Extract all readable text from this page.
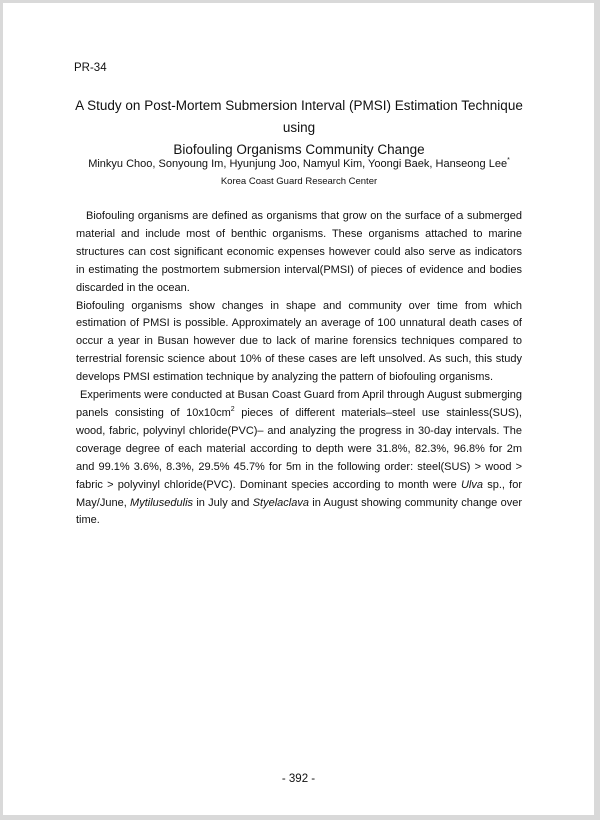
PR-34
A Study on Post-Mortem Submersion Interval (PMSI) Estimation Technique using
Biofouling Organisms Community Change
Minkyu Choo, Sonyoung Im, Hyunjung Joo, Namyul Kim, Yoongi Baek, Hanseong Lee*
Korea Coast Guard Research Center

Biofouling organisms are defined as organisms that grow on the surface of a submerged material and include most of benthic organisms. These organisms attached to marine structures can cost significant economic expenses however could also serve as indicators in estimating the postmortem submersion interval(PMSI) of pieces of evidence and bodies discarded in the ocean.

Biofouling organisms show changes in shape and community over time from which estimation of PMSI is possible. Approximately an average of 100 unnatural death cases of occur a year in Busan however due to lack of marine forensics techniques compared to terrestrial forensic science about 10% of these cases are left unsolved. As such, this study develops PMSI estimation technique by analyzing the pattern of biofouling organisms.

Experiments were conducted at Busan Coast Guard from April through August submerging panels consisting of $10x10cm^2$ pieces of different materials–steel use stainless(SUS), wood, fabric, polyvinyl chloride(PVC)– and analyzing the progress in 30-day intervals. The coverage degree of each material according to depth were 31.8%, 82.3%, 96.8% for 2m and 99.1% 3.6%, 8.3%, 29.5% 45.7% for 5m in the following order: steel(SUS) > wood > fabric > polyvinyl chloride(PVC). Dominant species according to month were Ulva sp., for May/June, Mytilusedulis in July and Styelaclava in August showing community change over time.

- 392 -
